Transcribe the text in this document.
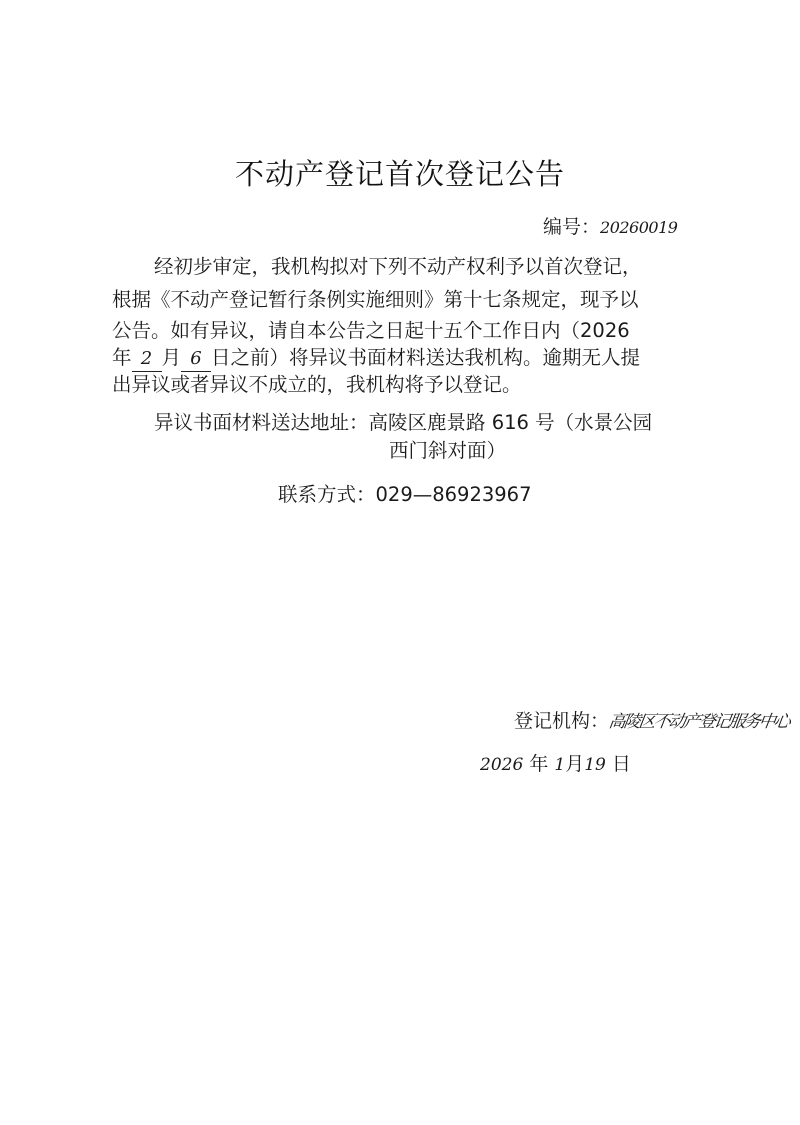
不动产登记首次登记公告
编号：20260019
经初步审定，我机构拟对下列不动产权利予以首次登记，
根据《不动产登记暂行条例实施细则》第十七条规定，现予以
公告。如有异议，请自本公告之日起十五个工作日内（2026
年 2 月 6 日之前）将异议书面材料送达我机构。逾期无人提
出异议或者异议不成立的，我机构将予以登记。
异议书面材料送达地址：高陵区鹿景路 616 号（水景公园
西门斜对面）
联系方式：029—86923967
登记机构：高陵区不动产登记服务中心
2026 年 1月19 日
